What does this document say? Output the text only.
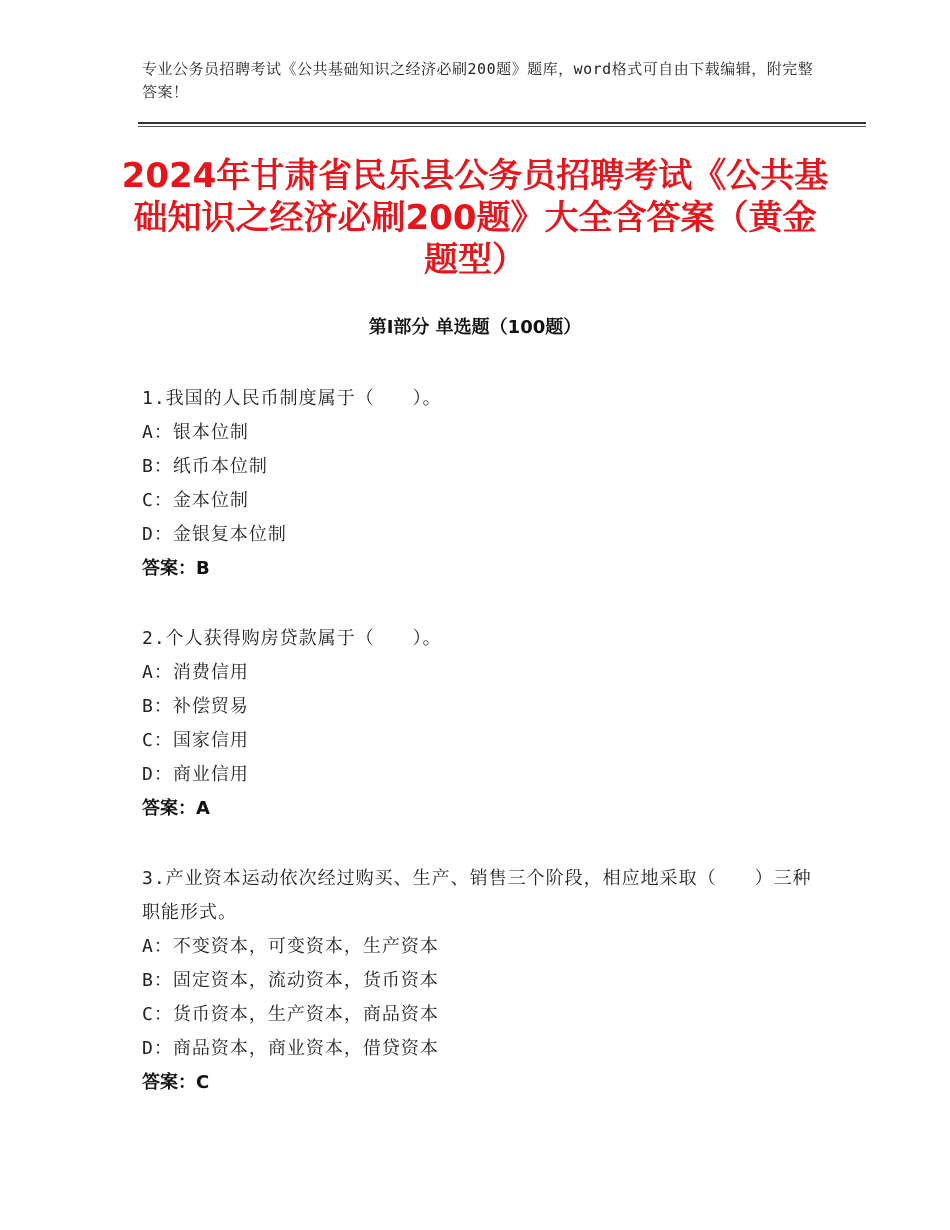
专业公务员招聘考试《公共基础知识之经济必刷200题》题库，word格式可自由下载编辑，附完整答案！
2024年甘肃省民乐县公务员招聘考试《公共基础知识之经济必刷200题》大全含答案（黄金题型）
第Ⅰ部分 单选题（100题）
1.我国的人民币制度属于（　　）。
A：银本位制
B：纸币本位制
C：金本位制
D：金银复本位制
答案：B
2.个人获得购房贷款属于（　　）。
A：消费信用
B：补偿贸易
C：国家信用
D：商业信用
答案：A
3.产业资本运动依次经过购买、生产、销售三个阶段，相应地采取（　　）三种职能形式。
A：不变资本，可变资本，生产资本
B：固定资本，流动资本，货币资本
C：货币资本，生产资本，商品资本
D：商品资本，商业资本，借贷资本
答案：C
